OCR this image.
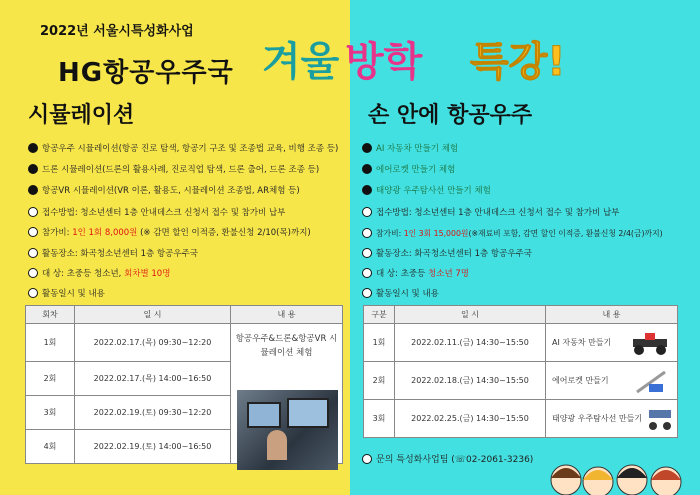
2022년 서울시특성화사업
HG항공우주국 겨울 방학 특강!
시뮬레이션	손 안에 항공우주
항공우주 시뮬레이션(항공 진로 탐색, 항공기 구조 및 조종법 교육, 비행 조종 등)
드론 시뮬레이션(드론의 활용사례, 진로직업 탐색, 드론 출어, 드론 조종 등)
항공VR 시뮬레이션(VR 이론, 활용도, 시뮬레이션 조종법, AR체험 등)
접수방법: 청소년센터 1층 안내데스크 신청서 접수 및 참가비 납부
참가비: 1인 1회 8,000원 (※ 감면 할인 이적증, 환불신청 2/10(목)까지)
활동장소: 화곡청소년센터 1층 항공우주국
대 상: 초중등 청소년, 회차별 10명
활동일시 및 내용
회차	일 시	내 용
1회	2022.02.17.(목) 09:30~12:20	항공우주&드론&항공VR 시뮬레이션 체험

2회	2022.02.17.(목) 14:00~16:50	
3회	2022.02.19.(토) 09:30~12:20	
4회	2022.02.19.(토) 14:00~16:50	
AI 자동차 만들기 체험
에어로켓 만들기 체험
태양광 우주탐사선 만들기 체험
접수방법: 청소년센터 1층 안내데스크 신청서 접수 및 참가비 납부
참가비: 1인 3회 15,000원(※재료비 포함, 감면 할인 이적증, 환불신청 2/4(금)까지)
활동장소: 화곡청소년센터 1층 항공우주국
대 상: 초중등 청소년 7명
활동일시 및 내용
구분	일 시	내 용
1회	2022.02.11.(금) 14:30~15:50	AI 자동차 만들기

2회	2022.02.18.(금) 14:30~15:50	에어로켓 만들기

3회	2022.02.25.(금) 14:30~15:50	태양광 우주탐사선 만들기
문의 특성화사업팀 (☏02-2061-3236)
